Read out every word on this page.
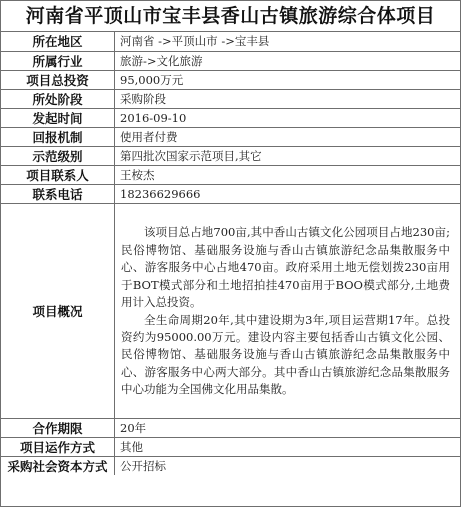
河南省平顶山市宝丰县香山古镇旅游综合体项目
所在地区	河南省 ->平顶山市 ->宝丰县
所属行业	旅游->文化旅游
项目总投资	95,000万元
所处阶段	采购阶段
发起时间	2016-09-10
回报机制	使用者付费
示范级别	第四批次国家示范项目,其它
项目联系人	王桉杰
联系电话	18236629666
项目概况	该项目总占地700亩,其中香山古镇文化公园项目占地230亩;民俗博物馆、基础服务设施与香山古镇旅游纪念品集散服务中心、游客服务中心占地470亩。政府采用土地无偿划拨230亩用于BOT模式部分和土地招拍挂470亩用于BOO模式部分,土地费用计入总投资。

全生命周期20年,其中建设期为3年,项目运营期17年。总投资约为95000.00万元。建设内容主要包括香山古镇文化公园、民俗博物馆、基础服务设施与香山古镇旅游纪念品集散服务中心、游客服务中心两大部分。其中香山古镇旅游纪念品集散服务中心功能为全国佛文化用品集散。

合作期限	20年
项目运作方式	其他
采购社会资本方式	公开招标
